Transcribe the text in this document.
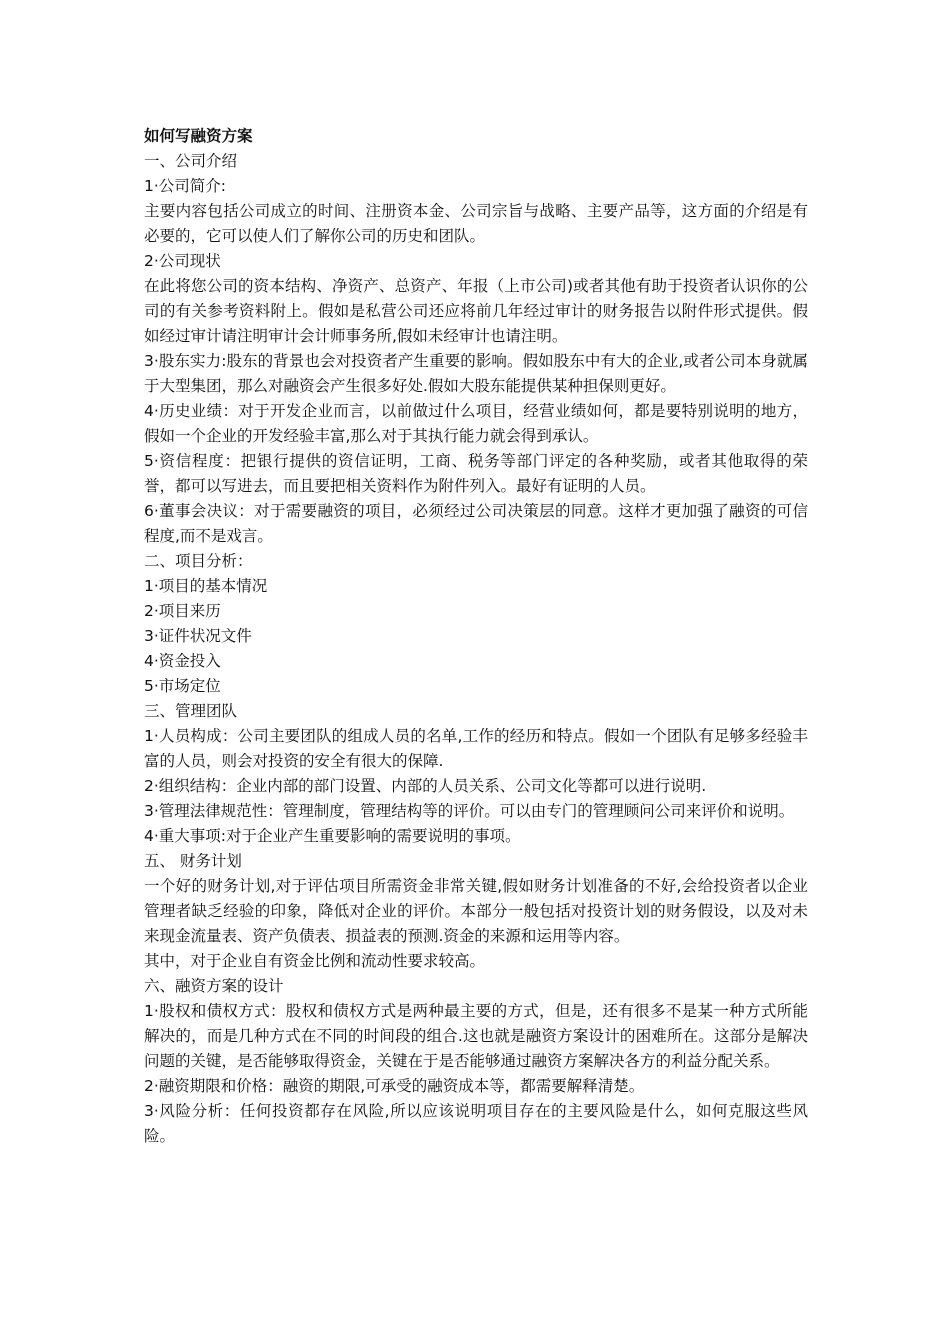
如何写融资方案

一、公司介绍

1·公司简介:

主要内容包括公司成立的时间、注册资本金、公司宗旨与战略、主要产品等，这方面的介绍是有必要的，它可以使人们了解你公司的历史和团队。

2·公司现状

在此将您公司的资本结构、净资产、总资产、年报（上市公司)或者其他有助于投资者认识你的公司的有关参考资料附上。假如是私营公司还应将前几年经过审计的财务报告以附件形式提供。假如经过审计请注明审计会计师事务所,假如未经审计也请注明。

3·股东实力:股东的背景也会对投资者产生重要的影响。假如股东中有大的企业,或者公司本身就属于大型集团，那么对融资会产生很多好处.假如大股东能提供某种担保则更好。

4·历史业绩：对于开发企业而言，以前做过什么项目，经营业绩如何，都是要特别说明的地方，假如一个企业的开发经验丰富,那么对于其执行能力就会得到承认。

5·资信程度：把银行提供的资信证明，工商、税务等部门评定的各种奖励，或者其他取得的荣誉，都可以写进去，而且要把相关资料作为附件列入。最好有证明的人员。

6·董事会决议：对于需要融资的项目，必须经过公司决策层的同意。这样才更加强了融资的可信程度,而不是戏言。

二、项目分析：

1·项目的基本情况

2·项目来历

3·证件状况文件

4·资金投入

5·市场定位

三、管理团队

1·人员构成：公司主要团队的组成人员的名单,工作的经历和特点。假如一个团队有足够多经验丰富的人员，则会对投资的安全有很大的保障.

2·组织结构：企业内部的部门设置、内部的人员关系、公司文化等都可以进行说明.

3·管理法律规范性：管理制度，管理结构等的评价。可以由专门的管理顾问公司来评价和说明。

4·重大事项:对于企业产生重要影响的需要说明的事项。

五、 财务计划

一个好的财务计划,对于评估项目所需资金非常关键,假如财务计划准备的不好,会给投资者以企业管理者缺乏经验的印象，降低对企业的评价。本部分一般包括对投资计划的财务假设，以及对未来现金流量表、资产负债表、损益表的预测.资金的来源和运用等内容。

其中，对于企业自有资金比例和流动性要求较高。

六、融资方案的设计

1·股权和债权方式：股权和债权方式是两种最主要的方式，但是，还有很多不是某一种方式所能解决的，而是几种方式在不同的时间段的组合.这也就是融资方案设计的困难所在。这部分是解决问题的关键，是否能够取得资金，关键在于是否能够通过融资方案解决各方的利益分配关系。

2·融资期限和价格：融资的期限,可承受的融资成本等，都需要解释清楚。

3·风险分析：任何投资都存在风险,所以应该说明项目存在的主要风险是什么，如何克服这些风险。
